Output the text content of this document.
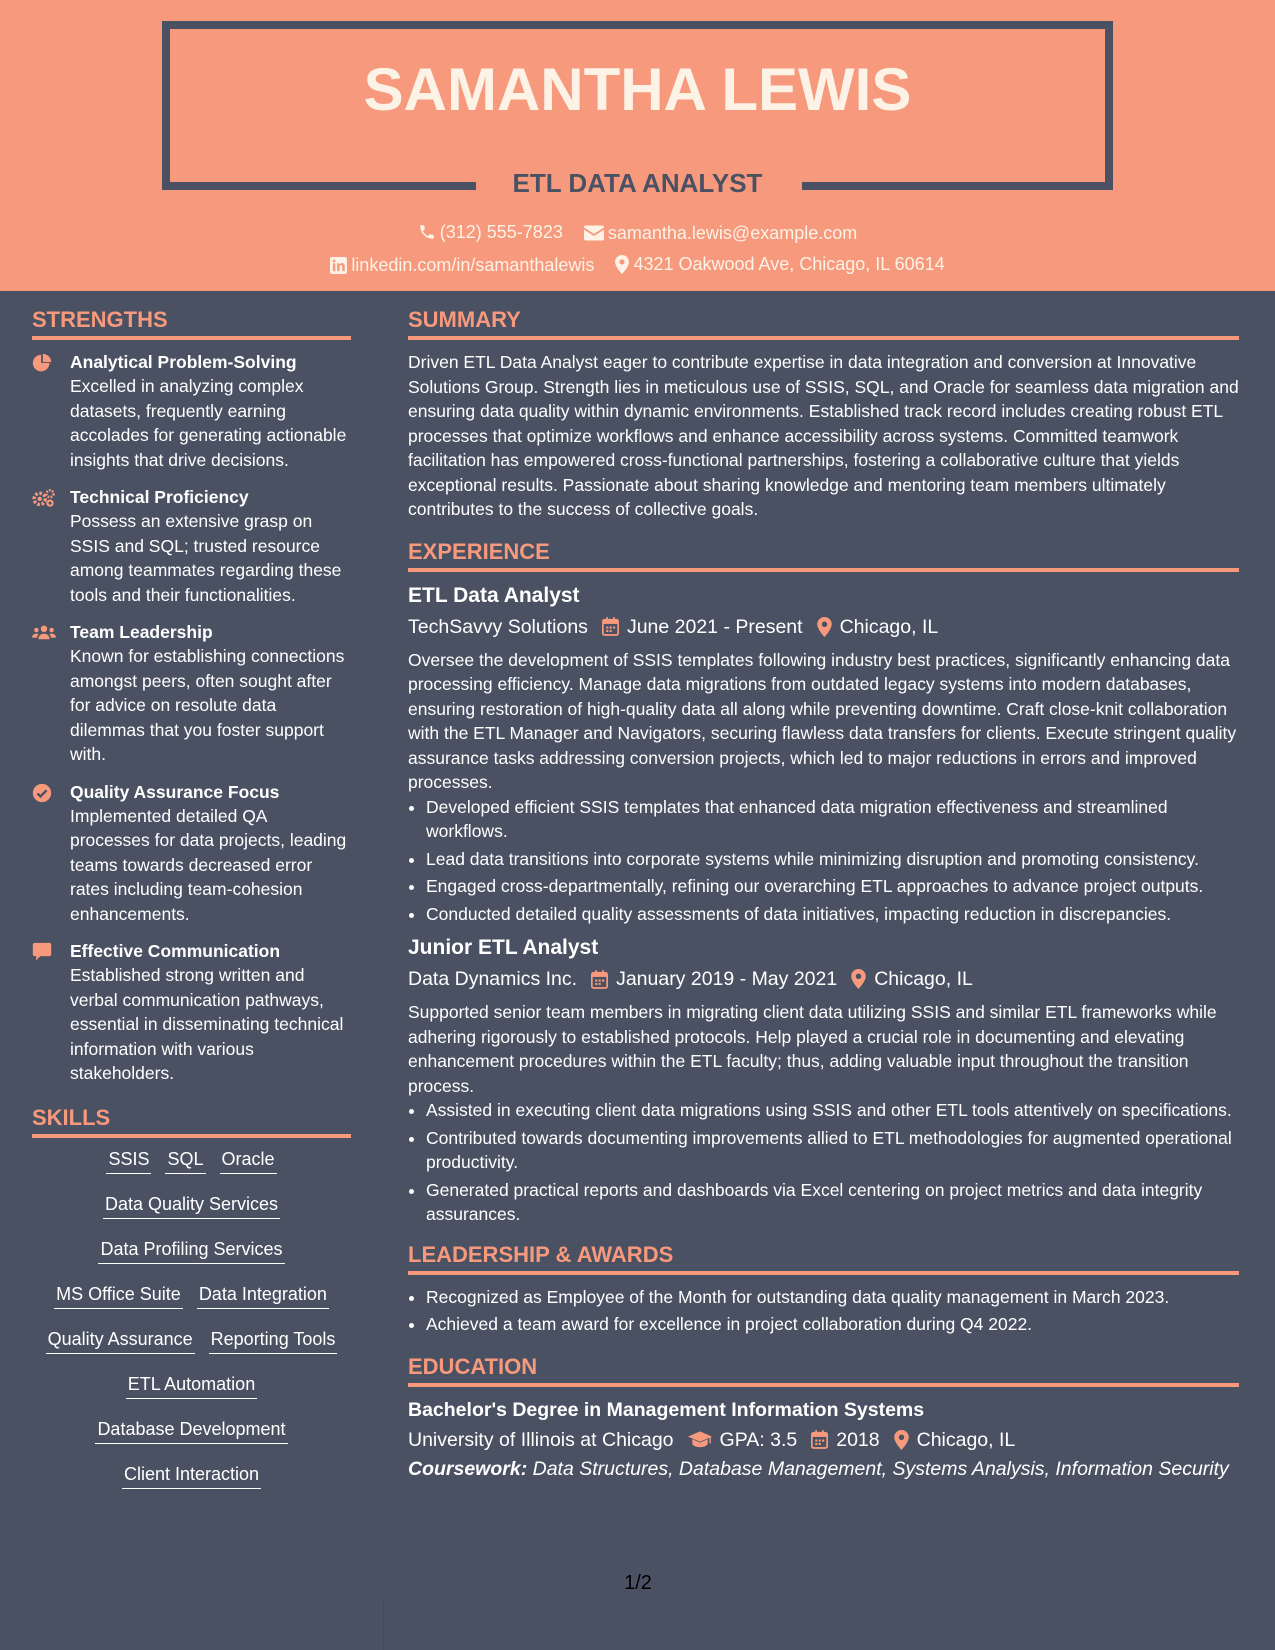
SAMANTHA LEWIS
ETL DATA ANALYST
(312) 555-7823
	samantha.lewis@example.com
linkedin.com/in/samanthalewis
4321 Oakwood Ave, Chicago, IL 60614
STRENGTHS
Analytical Problem-Solving
Excelled in analyzing complex datasets, frequently earning accolades for generating actionable insights that drive decisions.
Technical Proficiency
Possess an extensive grasp on SSIS and SQL; trusted resource among teammates regarding these tools and their functionalities.
Team Leadership
Known for establishing connections amongst peers, often sought after for advice on resolute data dilemmas that you foster support with.
Quality Assurance Focus
Implemented detailed QA processes for data projects, leading teams towards decreased error rates including team-cohesion enhancements.
Effective Communication
Established strong written and verbal communication pathways, essential in disseminating technical information with various stakeholders.
SKILLS
SSIS SQL Oracle
Data Quality Services
Data Profiling Services
MS Office Suite Data Integration
Quality Assurance Reporting Tools
ETL Automation
Database Development
Client Interaction
SUMMARY
Driven ETL Data Analyst eager to contribute expertise in data integration and conversion at Innovative Solutions Group. Strength lies in meticulous use of SSIS, SQL, and Oracle for seamless data migration and ensuring data quality within dynamic environments. Established track record includes creating robust ETL processes that optimize workflows and enhance accessibility across systems. Committed teamwork facilitation has empowered cross-functional partnerships, fostering a collaborative culture that yields exceptional results. Passionate about sharing knowledge and mentoring team members ultimately contributes to the success of collective goals.
EXPERIENCE
ETL Data Analyst
TechSavvy Solutions June 2021 - Present Chicago, IL
Oversee the development of SSIS templates following industry best practices, significantly enhancing data processing efficiency. Manage data migrations from outdated legacy systems into modern databases, ensuring restoration of high-quality data all along while preventing downtime. Craft close-knit collaboration with the ETL Manager and Navigators, securing flawless data transfers for clients. Execute stringent quality assurance tasks addressing conversion projects, which led to major reductions in errors and improved processes.
• Developed efficient SSIS templates that enhanced data migration effectiveness and streamlined workflows.
• Lead data transitions into corporate systems while minimizing disruption and promoting consistency.
• Engaged cross-departmentally, refining our overarching ETL approaches to advance project outputs.
• Conducted detailed quality assessments of data initiatives, impacting reduction in discrepancies.
Junior ETL Analyst
Data Dynamics Inc. January 2019 - May 2021 Chicago, IL
Supported senior team members in migrating client data utilizing SSIS and similar ETL frameworks while adhering rigorously to established protocols. Help played a crucial role in documenting and elevating enhancement procedures within the ETL faculty; thus, adding valuable input throughout the transition process.
• Assisted in executing client data migrations using SSIS and other ETL tools attentively on specifications.
• Contributed towards documenting improvements allied to ETL methodologies for augmented operational productivity.
• Generated practical reports and dashboards via Excel centering on project metrics and data integrity assurances.
LEADERSHIP & AWARDS
• Recognized as Employee of the Month for outstanding data quality management in March 2023.
• Achieved a team award for excellence in project collaboration during Q4 2022.
EDUCATION
Bachelor's Degree in Management Information Systems
University of Illinois at Chicago GPA: 3.5 2018 Chicago, IL
Coursework: Data Structures, Database Management, Systems Analysis, Information Security
1/2
